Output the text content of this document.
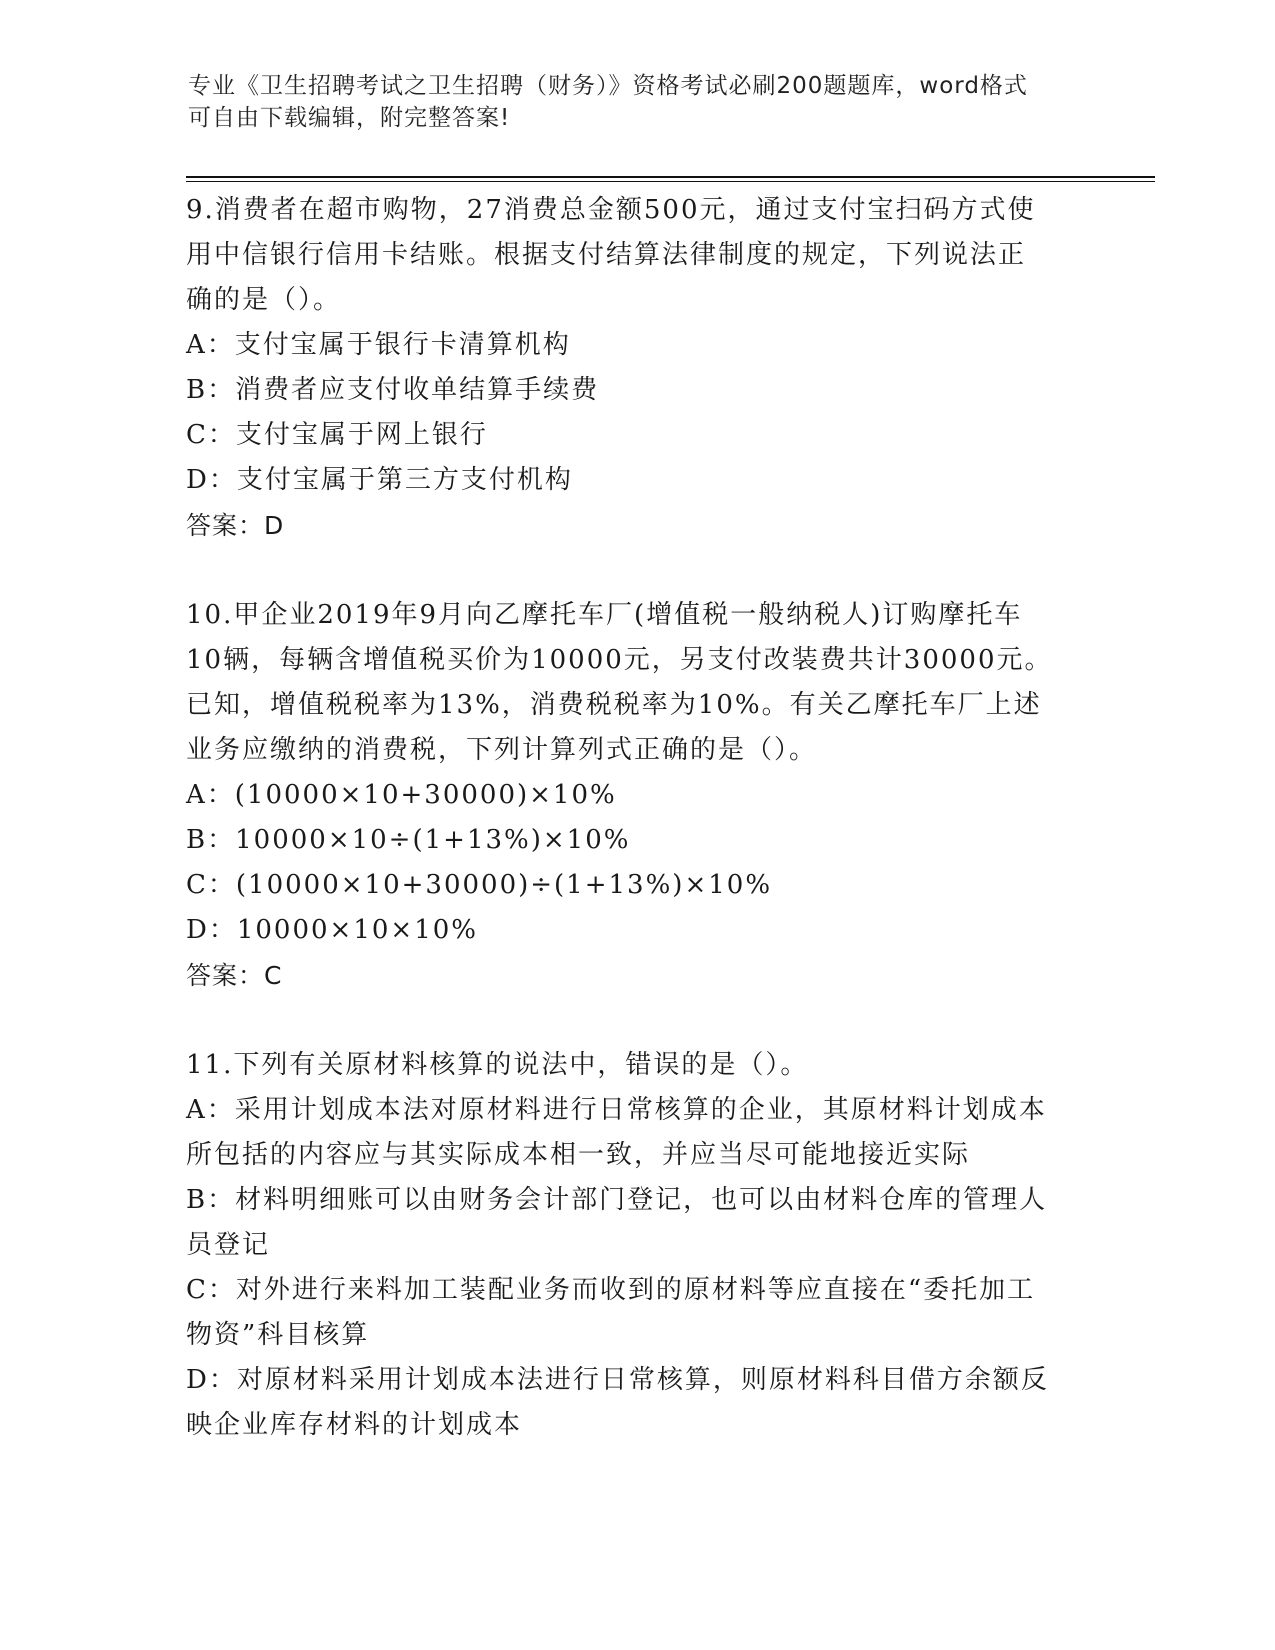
专业《卫生招聘考试之卫生招聘（财务）》资格考试必刷200题题库，word格式
可自由下载编辑，附完整答案!

9.消费者在超市购物，27消费总金额500元，通过支付宝扫码方式使

用中信银行信用卡结账。根据支付结算法律制度的规定，下列说法正

确的是（）。

A：支付宝属于银行卡清算机构

B：消费者应支付收单结算手续费

C：支付宝属于网上银行

D：支付宝属于第三方支付机构

答案：D

10.甲企业2019年9月向乙摩托车厂(增值税一般纳税人)订购摩托车

10辆，每辆含增值税买价为10000元，另支付改装费共计30000元。

已知，增值税税率为13%，消费税税率为10%。有关乙摩托车厂上述

业务应缴纳的消费税，下列计算列式正确的是（）。

A：(10000×10+30000)×10%

B：10000×10÷(1+13%)×10%

C：(10000×10+30000)÷(1+13%)×10%

D：10000×10×10%

答案：C

11.下列有关原材料核算的说法中，错误的是（）。

A：采用计划成本法对原材料进行日常核算的企业，其原材料计划成本

所包括的内容应与其实际成本相一致，并应当尽可能地接近实际

B：材料明细账可以由财务会计部门登记，也可以由材料仓库的管理人

员登记

C：对外进行来料加工装配业务而收到的原材料等应直接在“委托加工

物资”科目核算

D：对原材料采用计划成本法进行日常核算，则原材料科目借方余额反

映企业库存材料的计划成本
